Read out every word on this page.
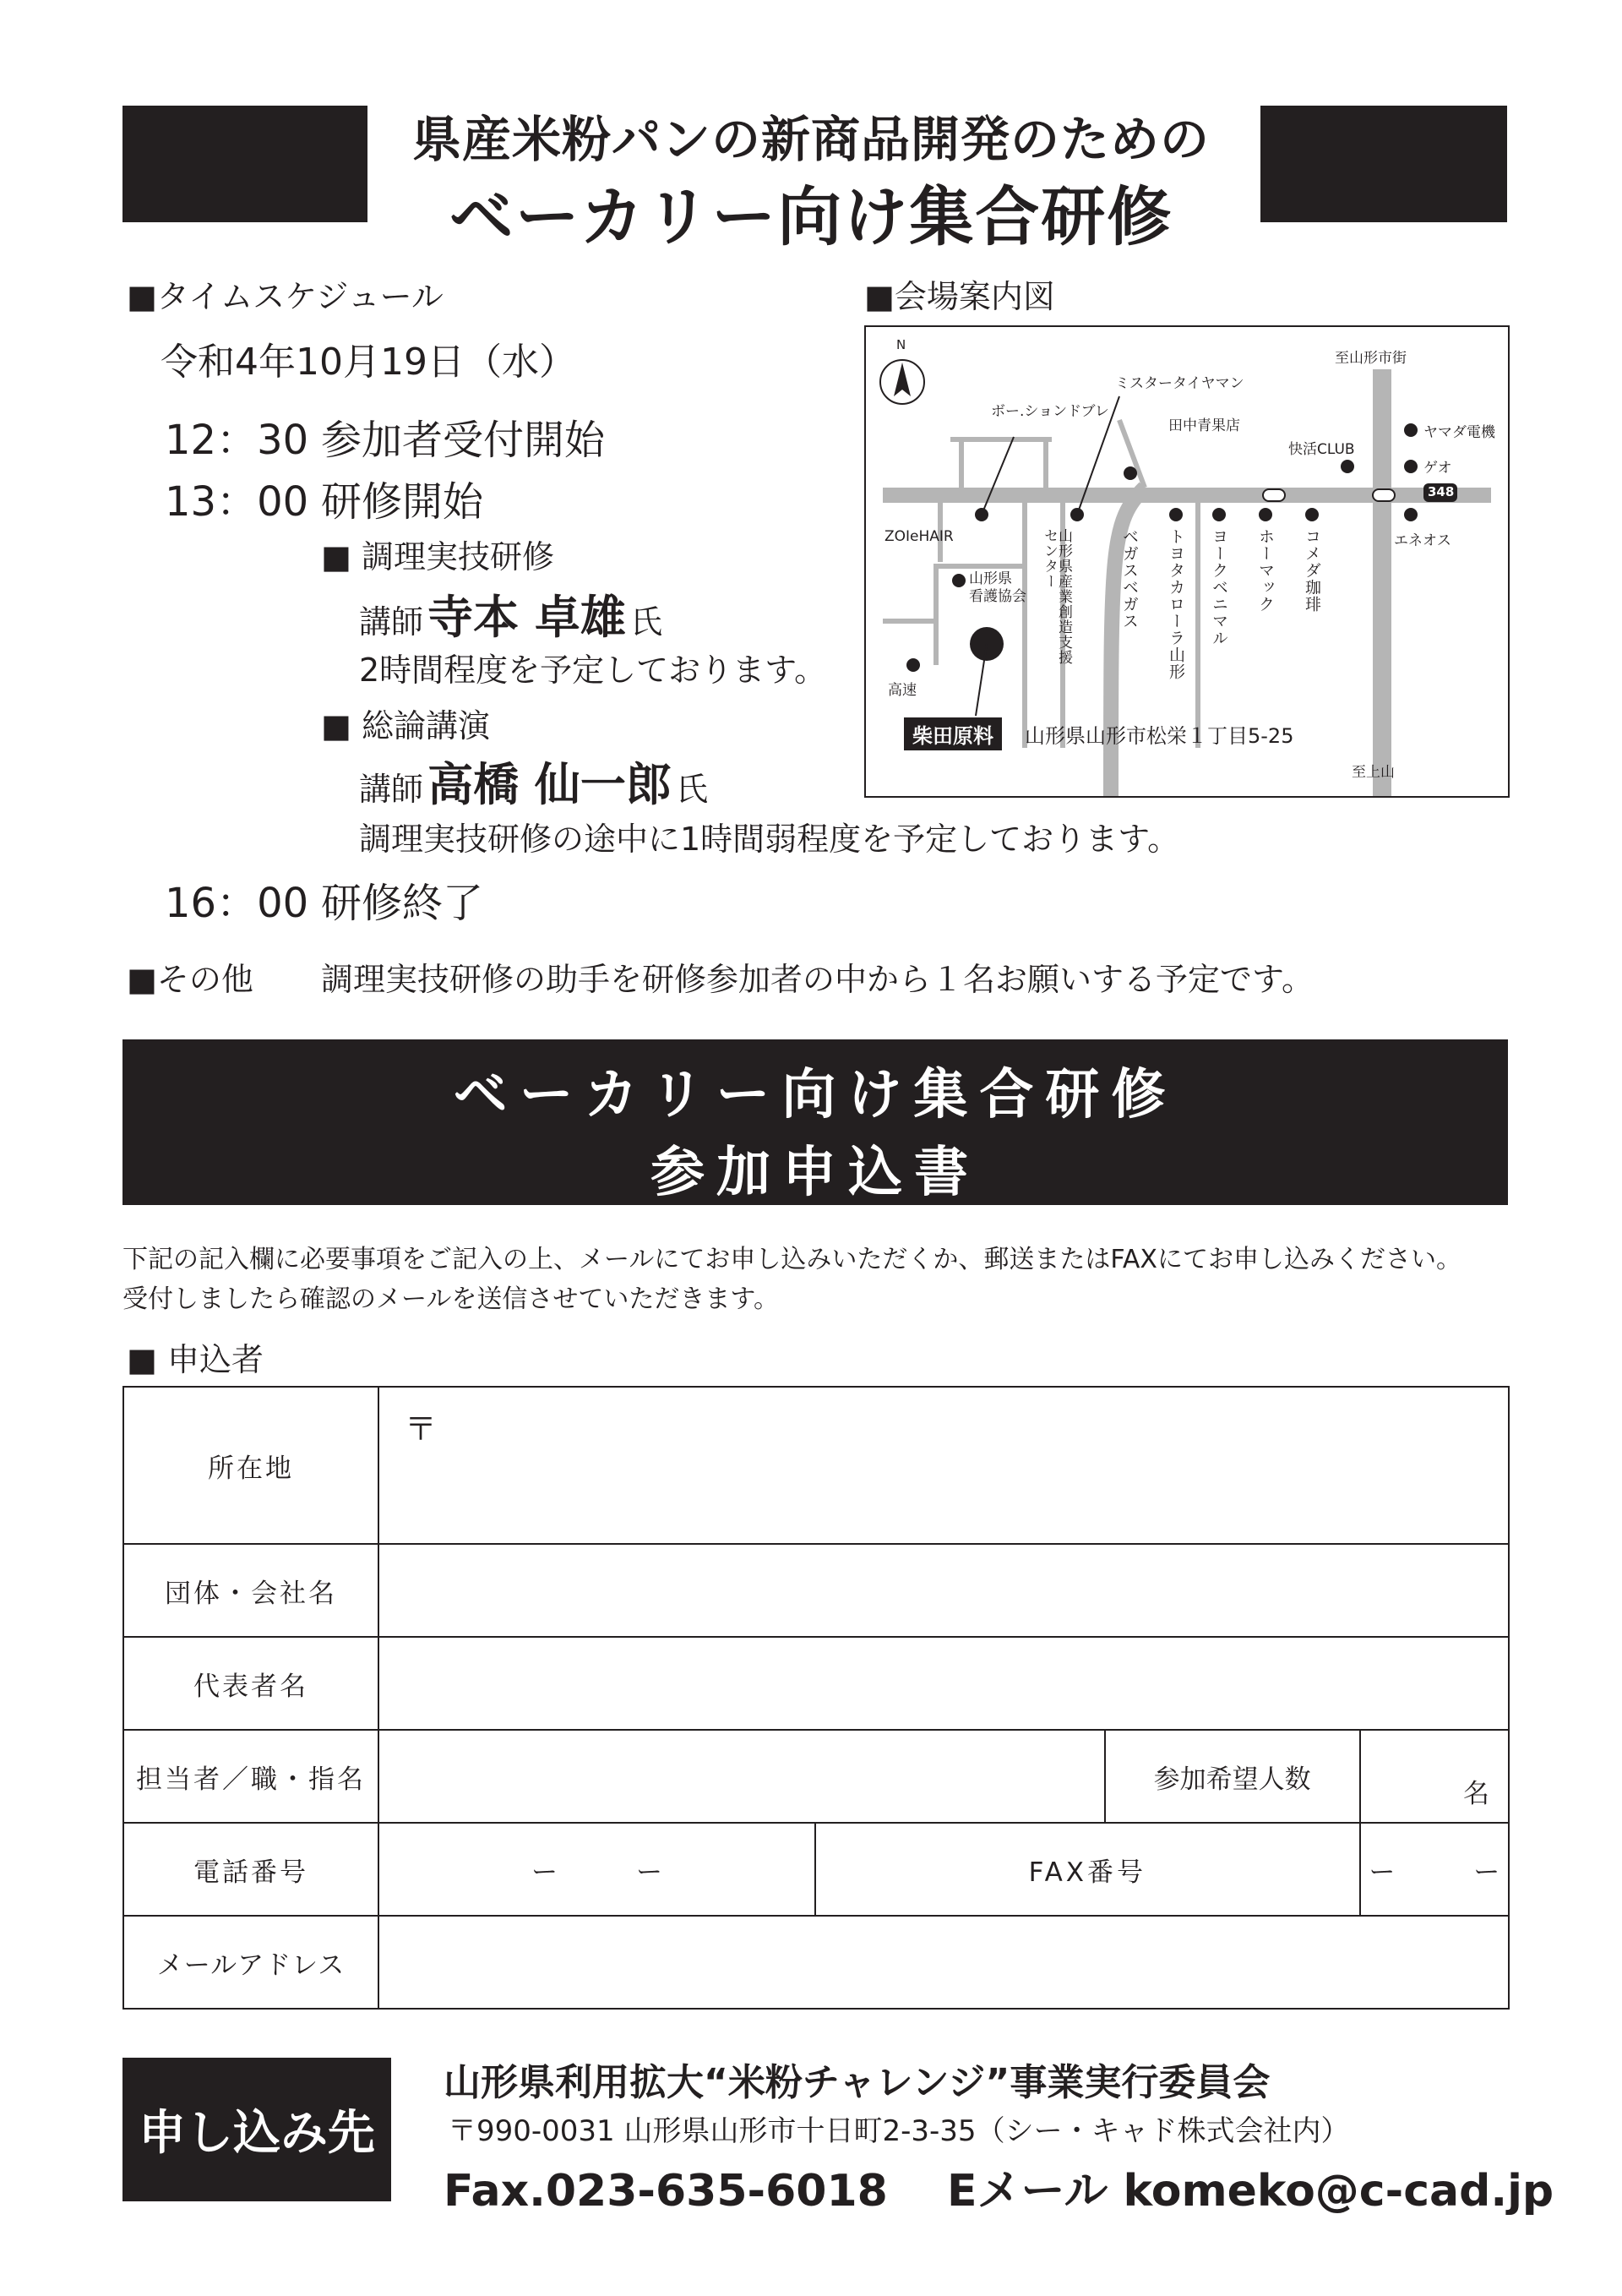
県産米粉パンの新商品開発のための
ベーカリー向け集合研修
■タイムスケジュール
令和4年10月19日（水）
12：30 参加者受付開始
13：00 研修開始
■ 調理実技研修
講師 寺本 卓雄 氏
2時間程度を予定しております。
■ 総論講演
講師 高橋 仙一郎 氏
調理実技研修の途中に1時間弱程度を予定しております。
16：00 研修終了
■その他 調理実技研修の助手を研修参加者の中から１名お願いする予定です。
■会場案内図
N
至山形市街
ミスタータイヤマン
ボー.ションドブレ
田中青果店
快活CLUB
ヤマダ電機
ゲオ
348
エネオス
ZOIeHAIR
山形県
看護協会
高速
山形県産業創造支援センター	ベガスベガス トヨタカローラ山形 ヨークベニマル ホーマック コメダ珈琲
柴田原料	山形県山形市松栄１丁目5-25
至上山
ベーカリー向け集合研修
参加申込書
下記の記入欄に必要事項をご記入の上、メールにてお申し込みいただくか、郵送またはFAXにてお申し込みください。
受付しましたら確認のメールを送信させていただきます。
■ 申込者
所在地	〒			
団体・会社名				
代表者名				
担当者／職・指名			参加希望人数	名
電話番号	ー　　　ー	FAX番号		ー　　　ー
メールアドレス				
申し込み先
山形県利用拡大“米粉チャレンジ”事業実行委員会
〒990-0031 山形県山形市十日町2-3-35（シー・キャド株式会社内）
Fax.023-635-6018　 Eメール komeko@c-cad.jp
